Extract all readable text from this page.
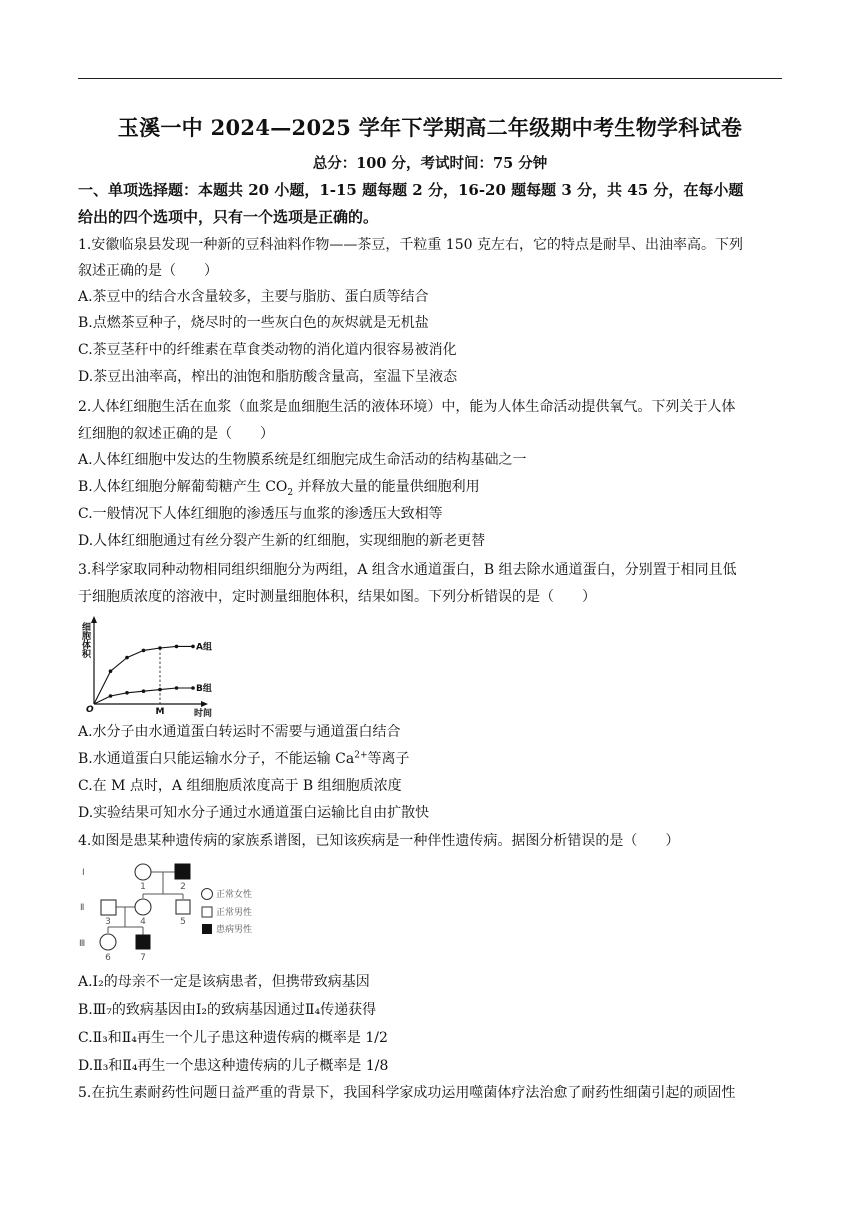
玉溪一中 2024—2025 学年下学期高二年级期中考生物学科试卷
总分：100 分，考试时间：75 分钟
一、单项选择题：本题共 20 小题，1-15 题每题 2 分，16-20 题每题 3 分，共 45 分，在每小题
给出的四个选项中，只有一个选项是正确的。
1.安徽临泉县发现一种新的豆科油料作物——茶豆，千粒重 150 克左右，它的特点是耐旱、出油率高。下列
叙述正确的是（　　）
A.茶豆中的结合水含量较多，主要与脂肪、蛋白质等结合
B.点燃茶豆种子，烧尽时的一些灰白色的灰烬就是无机盐
C.茶豆茎秆中的纤维素在草食类动物的消化道内很容易被消化
D.茶豆出油率高，榨出的油饱和脂肪酸含量高，室温下呈液态
2.人体红细胞生活在血浆（血浆是血细胞生活的液体环境）中，能为人体生命活动提供氧气。下列关于人体
红细胞的叙述正确的是（　　）
A.人体红细胞中发达的生物膜系统是红细胞完成生命活动的结构基础之一
B.人体红细胞分解葡萄糖产生 $CO_2$ 并释放大量的能量供细胞利用
C.一般情况下人体红细胞的渗透压与血浆的渗透压大致相等
D.人体红细胞通过有丝分裂产生新的红细胞，实现细胞的新老更替
3.科学家取同种动物相同组织细胞分为两组，A 组含水通道蛋白，B 组去除水通道蛋白，分别置于相同且低
于细胞质浓度的溶液中，定时测量细胞体积，结果如图。下列分析错误的是（　　）
细胞体积
时间
O	M
A组
B组
A.水分子由水通道蛋白转运时不需要与通道蛋白结合
B.水通道蛋白只能运输水分子，不能运输 $Ca^{2+}$等离子
C.在 M 点时，A 组细胞质浓度高于 B 组细胞质浓度
D.实验结果可知水分子通过水通道蛋白运输比自由扩散快
4.如图是患某种遗传病的家族系谱图，已知该疾病是一种伴性遗传病。据图分析错误的是（　　）
Ⅰ
Ⅱ
Ⅲ
1	2
3	4	5
6	7
正常女性
正常男性
患病男性
A.Ⅰ₂的母亲不一定是该病患者，但携带致病基因
B.Ⅲ₇的致病基因由Ⅰ₂的致病基因通过Ⅱ₄传递获得
C.Ⅱ₃和Ⅱ₄再生一个儿子患这种遗传病的概率是 1/2
D.Ⅱ₃和Ⅱ₄再生一个患这种遗传病的儿子概率是 1/8
5.在抗生素耐药性问题日益严重的背景下，我国科学家成功运用噬菌体疗法治愈了耐药性细菌引起的顽固性
